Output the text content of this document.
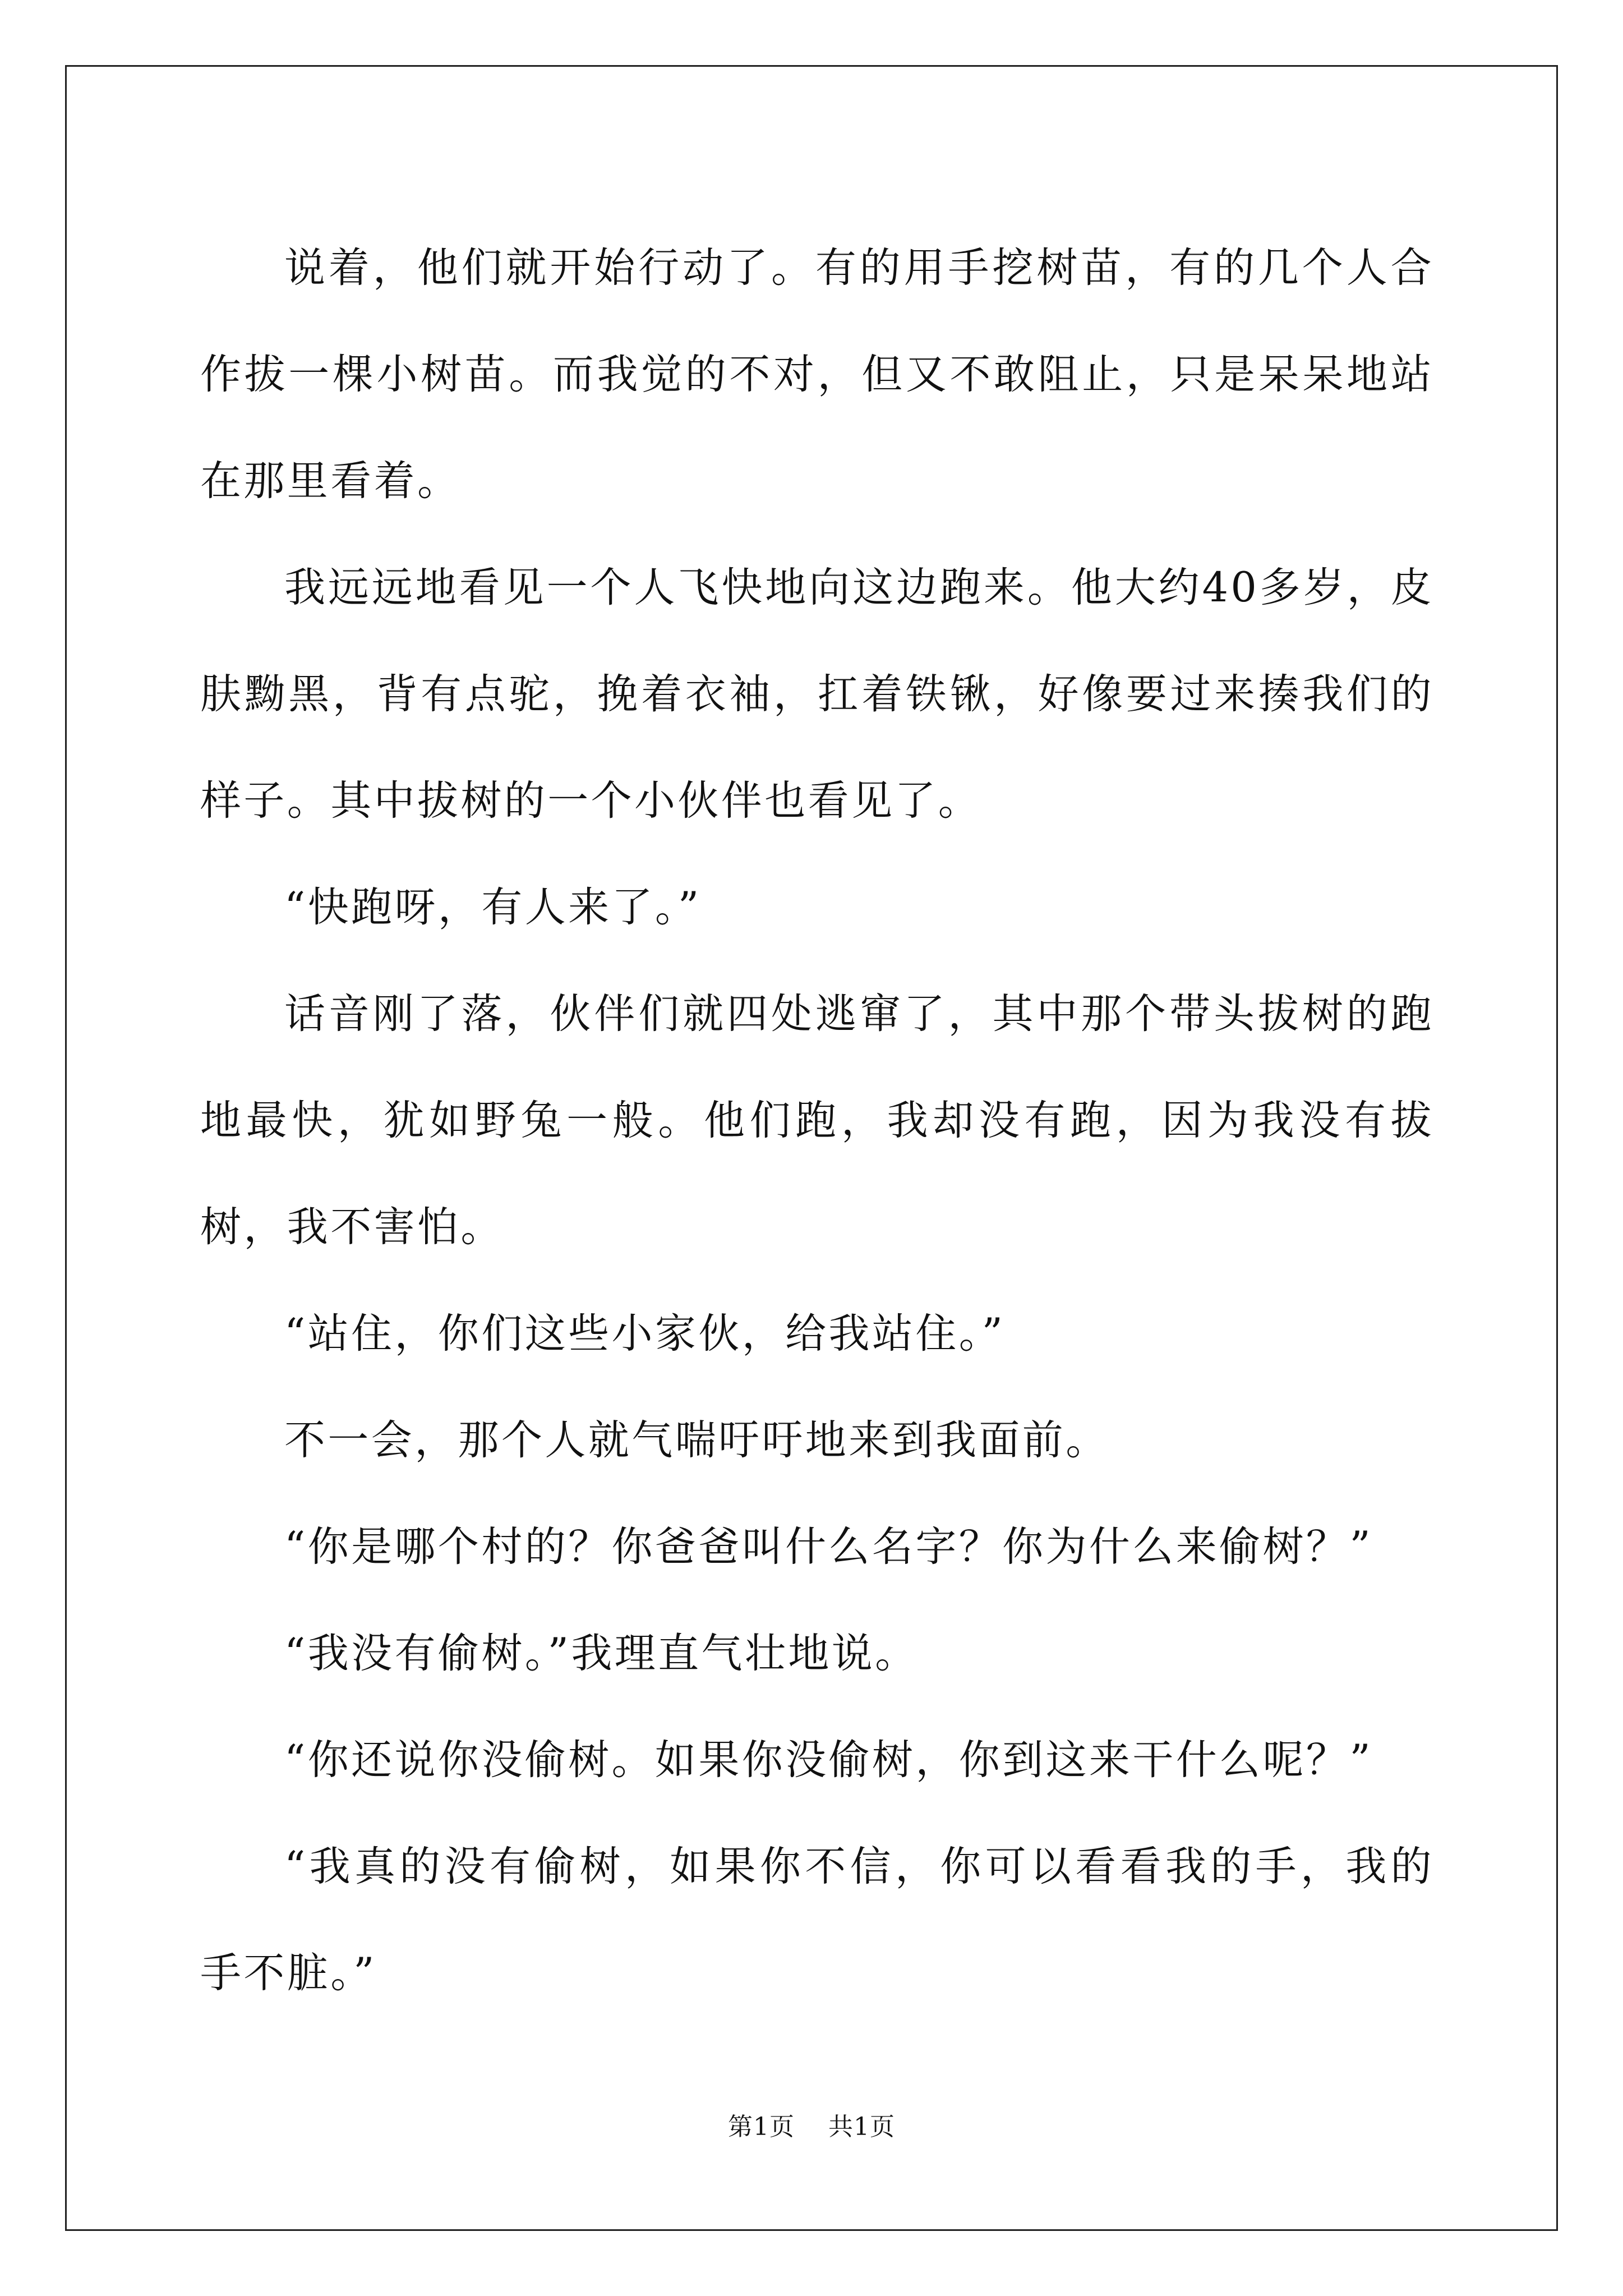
说着，他们就开始行动了。有的用手挖树苗，有的几个人合作拔一棵小树苗。而我觉的不对，但又不敢阻止，只是呆呆地站在那里看着。

我远远地看见一个人飞快地向这边跑来。他大约40多岁，皮肤黝黑，背有点驼，挽着衣袖，扛着铁锹，好像要过来揍我们的样子。其中拔树的一个小伙伴也看见了。

“快跑呀，有人来了。”

话音刚了落，伙伴们就四处逃窜了，其中那个带头拔树的跑地最快，犹如野兔一般。他们跑，我却没有跑，因为我没有拔树，我不害怕。

“站住，你们这些小家伙，给我站住。”

不一会，那个人就气喘吁吁地来到我面前。

“你是哪个村的？你爸爸叫什么名字？你为什么来偷树？”

“我没有偷树。”我理直气壮地说。

“你还说你没偷树。如果你没偷树，你到这来干什么呢？”

“我真的没有偷树，如果你不信，你可以看看我的手，我的手不脏。”

第1页 共1页
